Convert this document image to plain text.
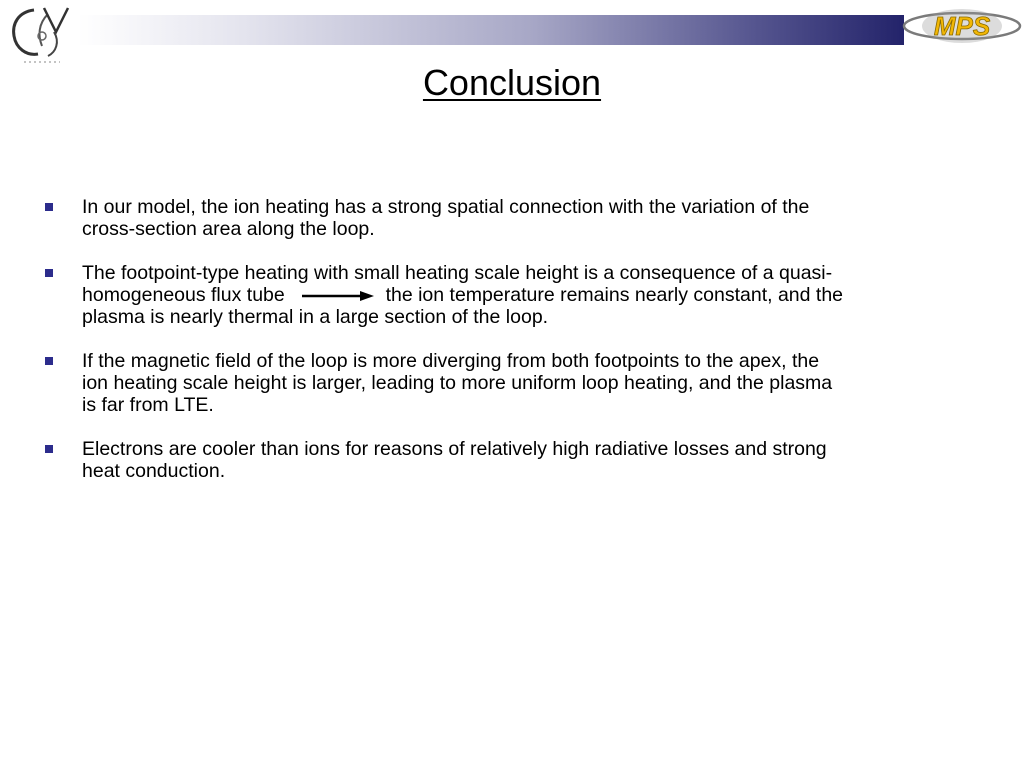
MPS
Conclusion
In our model, the ion heating has a strong spatial connection with the variation of the
cross-section area along the loop.
The footpoint-type heating with small heating scale height is a consequence of a quasi-
homogeneous flux tube	the ion temperature remains nearly constant, and the
plasma is nearly thermal in a large section of the loop.
If the magnetic field of the loop is more diverging from both footpoints to the apex, the
ion heating scale height is larger, leading to more uniform loop heating, and the plasma
is far from LTE.
Electrons are cooler than ions for reasons of relatively high radiative losses and strong
heat conduction.
